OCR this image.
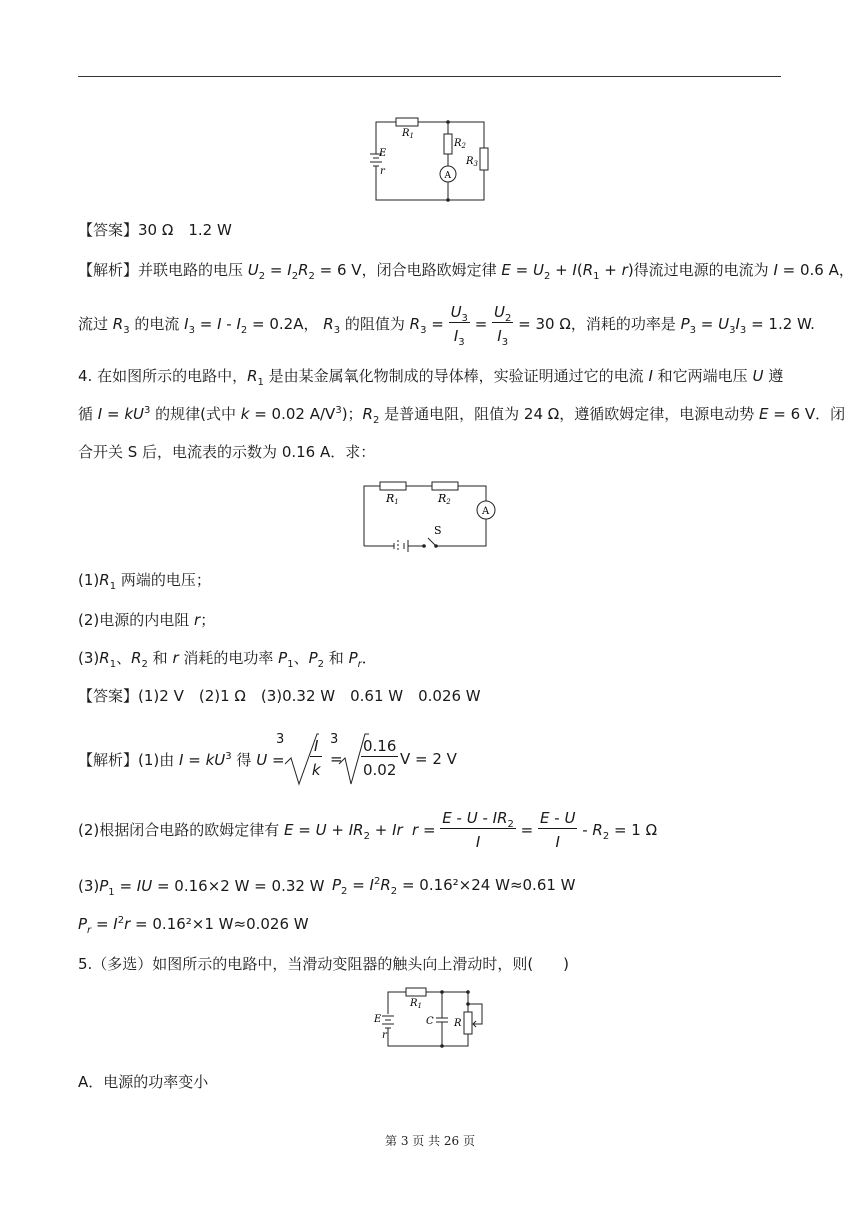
$R_1$
$R_2$
$R_3$
E
r	A
【答案】30 Ω　1.2 W
【解析】并联电路的电压 $U_2 = I_2R_2 = 6$ V，闭合电路欧姆定律 $E = U_2 + I(R_1 + r)$得流过电源的电流为 I = 0.6 A，
流过 $R_3$ 的电流 $I_3 = I - I_2 = 0.2A$， $R_3$ 的阻值为 $R_3 = \frac{U_3}{I_3} = \frac{U_2}{I_3} = 30$ Ω，消耗的功率是 $P_3 = U_3I_3 = 1.2$ W.
4. 在如图所示的电路中，$R_1$ 是由某金属氧化物制成的导体棒，实验证明通过它的电流 I 和它两端电压 U 遵
循 $I = kU^3$ 的规律(式中 k = 0.02 $A/V^3$)；$R_2$ 是普通电阻，阻值为 24 Ω，遵循欧姆定律，电源电动势 E = 6 V．闭
合开关 S 后，电流表的示数为 0.16 A．求：
R1	R2
A
S
$(1)R_1$ 两端的电压；
(2)电源的内电阻 r；
$(3)R_1$、$R_2$ 和 r 消耗的电功率 $P_1$、$P_2$ 和 $P_r$．
【答案】(1)2 V　(2)1 Ω　(3)0.32 W　0.61 W　0.026 W
【解析】(1)由 $I = kU^3$ 得 U =
$3 \frac{I}{k}$ =
$3 \frac{0.16}{0.02}$ V = 2 V
(2)根据闭合电路的欧姆定律有 $E = U + IR_2 + Ir$ $r = \frac{E - U - IR_2}{I} = \frac{E - U}{I} - R_2 = 1$ Ω
$(3)P_1$ = IU = 0.16×2 W = 0.32 W $P_2 = I^2R_2 = 0.16^2\times 24$ W≈0.61 W
$P_r = I^2r = 0.16^2\times 1$ W≈0.026 W
5.（多选）如图所示的电路中，当滑动变阻器的触头向上滑动时，则(　　)
$R_1$
E
r
C R
A．电源的功率变小
第 3 页 共 26 页
